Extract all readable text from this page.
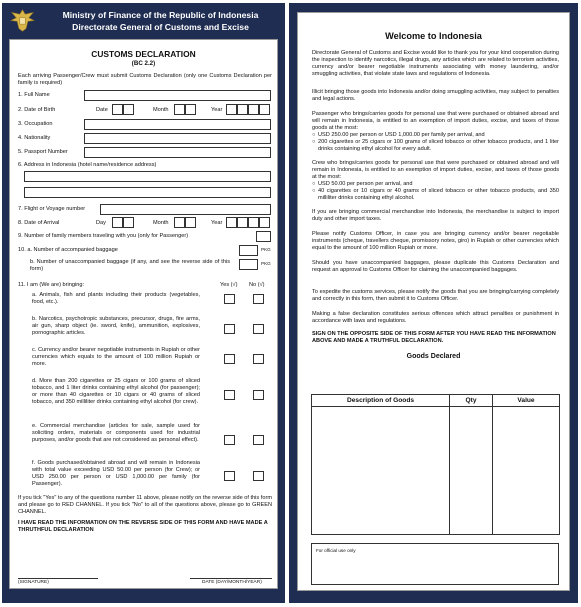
Ministry of Finance of the Republic of Indonesia
Directorate General of Customs and Excise
CUSTOMS DECLARATION
(BC 2.2)
Each arriving Passenger/Crew must submit Customs Declaration (only one Customs Declaration per family is required)
1. Full Name
2. Date of Birth	Date	Month	Year
3. Occupation
4. Nationality
5. Passport Number
6. Address in Indonesia (hotel name/residence address)
7. Flight or Voyage number
8. Date of Arrival	Day	Month	Year
9. Number of family members traveling with you (only for Passenger)
10. a. Number of accompanied baggage	PKG
b. Number of unaccompanied baggage (if any, and see the reverse side of this form)
PKG
11. I am (We are) bringing:	Yes (√) No (√)
a. Animals, fish and plants including their products (vegetables, food, etc.).
b. Narcotics, psychotropic substances, precursor, drugs, fire arms, air gun, sharp object (ie. sword, knife), ammunition, explosives, pornographic articles.
c. Currency and/or bearer negotiable instruments in Rupiah or other currencies which equals to the amount of 100 million Rupiah or more.
d. More than 200 cigarettes or 25 cigars or 100 grams of sliced tobacco, and 1 liter drinks containing ethyl alcohol (for passenger); or more than 40 cigarettes or 10 cigars or 40 grams of sliced tobacco, and 350 milliliter drinks containing ethyl alcohol (for crew).
e. Commercial merchandise (articles for sale, sample used for soliciting orders, materials or components used for industrial purposes, and/or goods that are not considered as personal effect).
f. Goods purchased/obtained abroad and will remain in Indonesia with total value exceeding USD 50.00 per person (for Crew); or USD 250.00 per person or USD 1,000.00 per family (for Passenger).
If you tick "Yes" to any of the questions number 11 above, please notify on the reverse side of this form and please go to RED CHANNEL. If you tick "No" to all of the questions above, please go to GREEN CHANNEL.
I HAVE READ THE INFORMATION ON THE REVERSE SIDE OF THIS FORM AND HAVE MADE A THRUTHFUL DECLARATION
(SIGNATURE)	DATE (DAY/MONTH/YEAR)
Welcome to Indonesia
Directorate General of Customs and Excise would like to thank you for your kind cooperation during the inspection to identify narcotics, illegal drugs, any articles which are related to terrorism activities, currency and/or bearer negotiable instruments associating with money laundering, and/or smuggling activities, that violate state laws and regulations of Indonesia.
Illicit bringing those goods into Indonesia and/or doing smuggling activities, may subject to penalties and legal actions.
Passenger who brings/carries goods for personal use that were purchased or obtained abroad and will remain in Indonesia, is entitled to an exemption of import duties, excise, and taxes of those goods at the most:
○ USD 250.00 per person or USD 1,000.00 per family per arrival, and
○ 200 cigarettes or 25 cigars or 100 grams of sliced tobacco or other tobacco products, and 1 liter drinks containing ethyl alcohol for every adult.
Crew who brings/carries goods for personal use that were purchased or obtained abroad and will remain in Indonesia, is entitled to an exemption of import duties, excise, and taxes of those goods at the most:
○ USD 50.00 per person per arrival, and
○ 40 cigarettes or 10 cigars or 40 grams of sliced tobacco or other tobacco products, and 350 milliliter drinks containing ethyl alcohol.
If you are bringing commercial merchandise into Indonesia, the merchandise is subject to import duty and other import taxes.
Please notify Customs Officer, in case you are bringing currency and/or bearer negotiable instruments (cheque, travellers cheque, promissory notes, giro) in Rupiah or other currencies which equal to the amount of 100 million Rupiah or more.
Should you have unaccompanied baggages, please duplicate this Customs Declaration and request an approval to Customs Officer for claiming the unaccompanied baggages.
To expedite the customs services, please notify the goods that you are bringing/carrying completely and correctly in this form, then submit it to Customs Officer.
Making a false declaration constitutes serious offences which attract penalties or punishment in accordance with laws and regulations.
SIGN ON THE OPPOSITE SIDE OF THIS FORM AFTER YOU HAVE READ THE INFORMATION ABOVE AND MADE A TRUTHFUL DECLARATION.
Goods Declared
Description of Goods	Qty	Value

For official use only
